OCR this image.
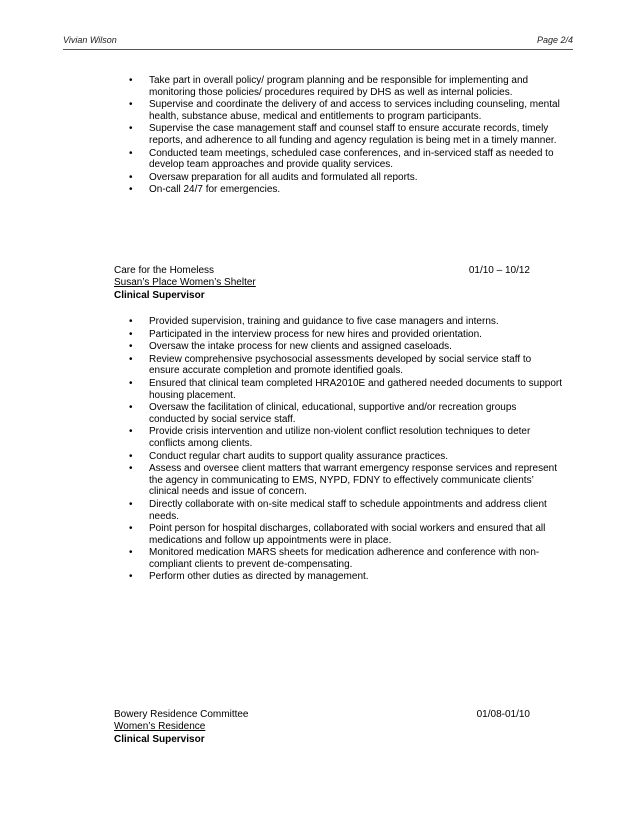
Vivian Wilson	Page 2/4
• Take part in overall policy/ program planning and be responsible for implementing and monitoring those policies/ procedures required by DHS as well as internal policies.
• Supervise and coordinate the delivery of and access to services including counseling, mental health, substance abuse, medical and entitlements to program participants.
• Supervise the case management staff and counsel staff to ensure accurate records, timely reports, and adherence to all funding and agency regulation is being met in a timely manner.
• Conducted team meetings, scheduled case conferences, and in-serviced staff as needed to develop team approaches and provide quality services.
• Oversaw preparation for all audits and formulated all reports.
• On-call 24/7 for emergencies.
Care for the Homeless	01/10 – 10/12
Susan’s Place Women’s Shelter
Clinical Supervisor
• Provided supervision, training and guidance to five case managers and interns.
• Participated in the interview process for new hires and provided orientation.
• Oversaw the intake process for new clients and assigned caseloads.
• Review comprehensive psychosocial assessments developed by social service staff to ensure accurate completion and promote identified goals.
• Ensured that clinical team completed HRA2010E and gathered needed documents to support housing placement.
• Oversaw the facilitation of clinical, educational, supportive and/or recreation groups conducted by social service staff.
• Provide crisis intervention and utilize non-violent conflict resolution techniques to deter conflicts among clients.
• Conduct regular chart audits to support quality assurance practices.
• Assess and oversee client matters that warrant emergency response services and represent the agency in communicating to EMS, NYPD, FDNY to effectively communicate clients’ clinical needs and issue of concern.
• Directly collaborate with on-site medical staff to schedule appointments and address client needs.
• Point person for hospital discharges, collaborated with social workers and ensured that all medications and follow up appointments were in place.
• Monitored medication MARS sheets for medication adherence and conference with non-compliant clients to prevent de-compensating.
• Perform other duties as directed by management.
Bowery Residence Committee	01/08-01/10
Women’s Residence
Clinical Supervisor
